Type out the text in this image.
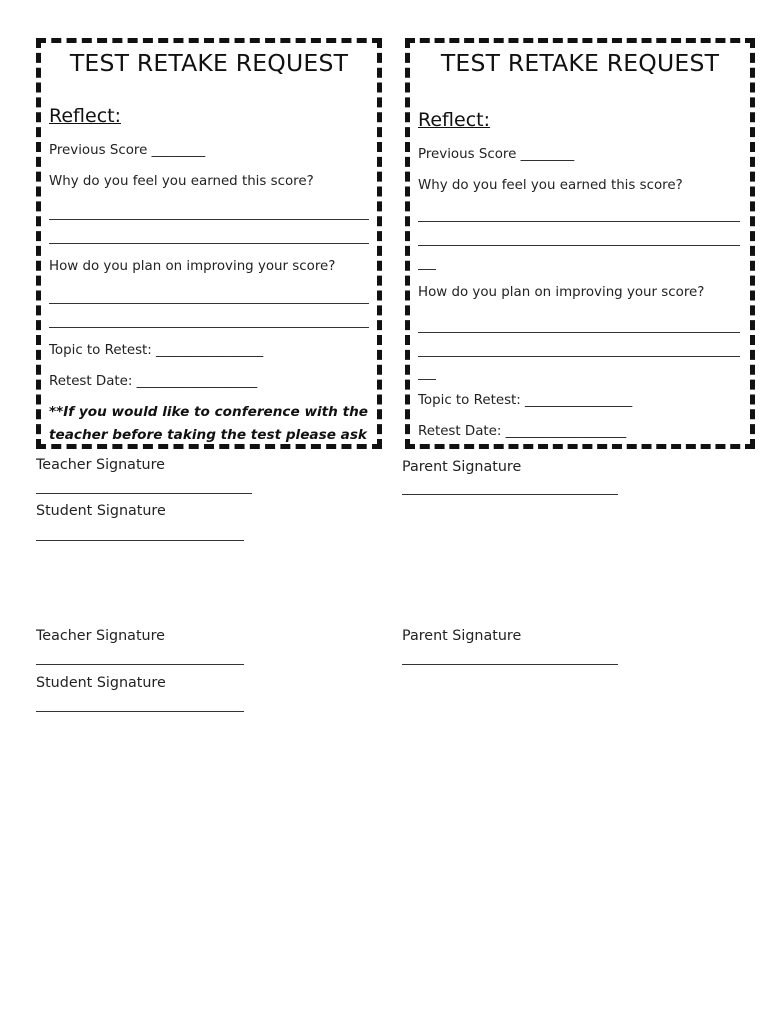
TEST RETAKE REQUEST
Reflect:
Previous Score ________
Why do you feel you earned this score?
How do you plan on improving your score?
Topic to Retest: ________________
Retest Date: __________________
**If you would like to conference with the
teacher before taking the test please ask
TEST RETAKE REQUEST
Reflect:
Previous Score ________
Why do you feel you earned this score?
How do you plan on improving your score?
Topic to Retest: ________________
Retest Date: __________________
Teacher Signature
Student Signature
Parent Signature
Teacher Signature
Student Signature
Parent Signature
